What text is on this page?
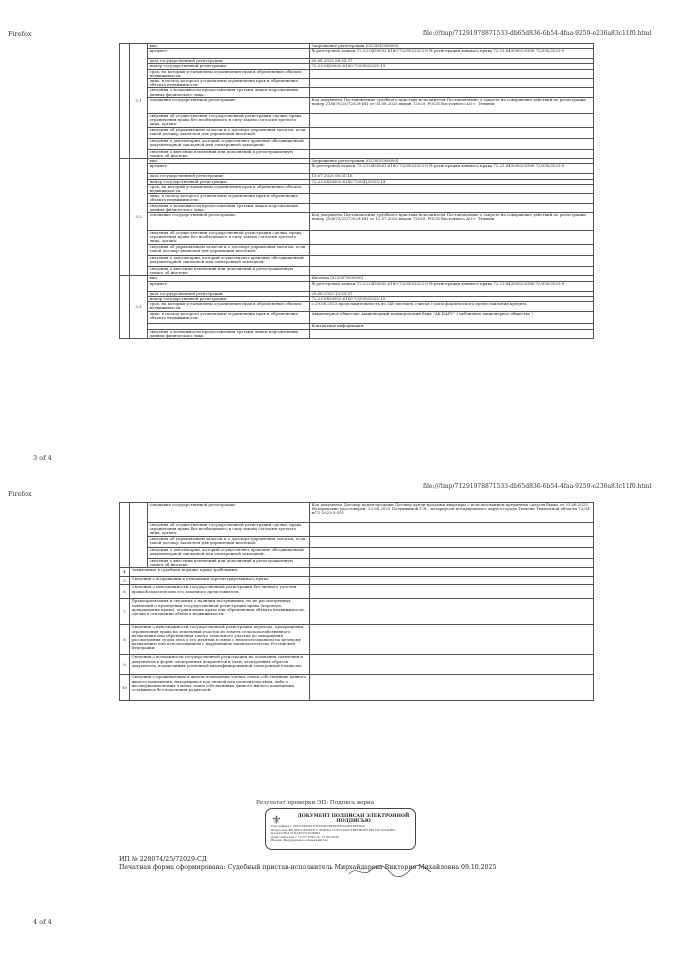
Firefox	file:///tmp/71291978871533-db65d836-6b54-4faa-9259-e236a83c11f0.html
	3.1	вид:	Запрещение регистрации (022001000000)
		предмет:	№ реестровой записи 72:23:0430002:6180-72/050/2023-9 № регистрации вещного права 72:23:0430002:6180-72/050/2023-9
		дата государственной регистрации:	05.08.2025 08:35:37
		номер государственной регистрации:	72:23:0430002:6180-72/050/2025-19
		срок, на который установлены ограничения прав и обременение объекта недвижимости:	
		лицо, в пользу которого установлены ограничения прав и обременение объекта недвижимости:	
		сведения о возможности предоставления третьим лицам персональных данных физического лица:	
		основание государственной регистрации:	Код документа Постановление судебного пристава-исполнителя Постановление о запрете на совершение действий по регистрации номер 215670/25/72029-ИП от 05.08.2025 выдан 72029, РОСП Восточного АО г. Тюмени
		сведения об осуществлении государственной регистрации сделки, права, ограничения права без необходимого в силу закона согласия третьего лица, органа:	
		сведения об управляющем залогом и о договоре управления залогом, если такой договор заключен для управления ипотекой:	
		сведения о депозитарии, который осуществляет хранение обездвиженной документарной закладной или электронной закладной:	
		сведения о внесении изменений или дополнений в регистрационную запись об ипотеке:	
	3.2	вид:	Запрещение регистрации (022001000000)
		предмет:	№ реестровой записи 72:23:0430002:6180-72/050/2023-9 № регистрации вещного права 72:23:0430002:6180-72/050/2023-9
		дата государственной регистрации:	15.07.2025 06:31:16
		номер государственной регистрации:	72:23:0430002:6180-72/041/2025-14
		срок, на который установлены ограничения прав и обременение объекта недвижимости:	
		лицо, в пользу которого установлены ограничения прав и обременение объекта недвижимости:	
		сведения о возможности предоставления третьим лицам персональных данных физического лица:	
		основание государственной регистрации:	Код документа Постановление судебного пристава-исполнителя Постановление о запрете на совершение действий по регистрации номер 200673/25/72029-ИП от 12.07.2025 выдан 72029, РОСП Восточного АО г. Тюмени
		сведения об осуществлении государственной регистрации сделки, права, ограничения права без необходимого в силу закона согласия третьего лица, органа:	
		сведения об управляющем залогом и о договоре управления залогом, если такой договор заключен для управления ипотекой:	
		сведения о депозитарии, который осуществляет хранение обездвиженной документарной закладной или электронной закладной:	
		сведения о внесении изменений или дополнений в регистрационную запись об ипотеке:	
	3.3	вид:	Ипотека (022007000000)
		предмет:	№ реестровой записи 72:23:0430002:6180-72/050/2023-9 № регистрации вещного права 72:23:0430002:6180-72/050/2023-9
		дата государственной регистрации:	29.06.2023 13:59:57
		номер государственной регистрации:	72:23:0430002:6180-72/050/2023-10
		срок, на который установлены ограничения прав и обременение объекта недвижимости:	с 29.06.2023 продолжительность по 240 месяцев, считая с даты фактического предоставления кредита
		лицо, в пользу которого установлены ограничения прав и обременение объекта недвижимости:	Акционерное общество Акционерный коммерческий банк "АК БАРС" ( публичное акционерное общество )
			Контактная информация:
		сведения о возможности предоставления третьим лицам персональных данных физического лица	
3 of 4
Firefox
file:///tmp/71291978871533-db65d836-6b54-4faa-9259-e236a83c11f0.html
		основание государственной регистрации:	Код документа Договор купли-продажи Договор купли-продажи квартиры с использованием кредитных средств банка от 23.06.2023. Нотариально удостоверен: 23.06.2023 Полушкиной Т.Н., нотариусом нотариального округа города Тюмени Тюменской области 72/34-н/72-2023-3-551
		сведения об осуществлении государственной регистрации сделки, права, ограничения права без необходимого в силу закона согласия третьего лица, органа:	
		сведения об управляющем залогом и о договоре управления залогом, если такой договор заключен для управления ипотекой:	
		сведения о депозитарии, который осуществляет хранение обездвиженной документарной закладной или электронной закладной:	
		сведения о внесении изменений или дополнений в регистрационную запись об ипотеке:	
4	Заявленные в судебном порядке права требования:		
5	Сведения о возражении в отношении зарегистрированного права:		
6	Сведения о невозможности государственной регистрации без личного участия правообладателя или его законного представителя:		
7	Правопритязания и сведения о наличии поступивших, но не рассмотренных заявлений о проведении государственной регистрации права (перехода, прекращения права), ограничения права или обременения объекта недвижимости, сделки в отношении объекта недвижимости:		
8	Сведения о невозможности государственной регистрации перехода, прекращения, ограничения права на земельный участок из земель сельскохозяйственного назначения или обременения такого земельного участка до завершения рассмотрения судом дела о его изъятии в связи с неиспользованием по целевому назначению или использованием с нарушением законодательства Российской Федерации:		
9	Сведения о возможности государственной регистрации на основании заявления и документов в форме электронных документов и (или) электронных образов документов, подписанных усиленной квалифицированной электронной подписью:		
10	Сведения о проживающих в жилом помещении членах семьи собственника данного жилого помещения, находящихся под опекой или попечительством, либо о несовершеннолетних членах семьи собственника данного жилого помещения, оставшихся без попечения родителей:		
Результат проверки ЭП: Подпись верна
⚜	ДОКУМЕНТ ПОДПИСАН ЭЛЕКТРОННОЙ ПОДПИСЬЮ
Сертификат: 00CC8E6D27F65E9E7BF0DFE3A9B1E0F8AA
Владелец: ФЕДЕРАЛЬНАЯ СЛУЖБА ГОСУДАРСТВЕННОЙ РЕГИСТРАЦИИ, КАДАСТРА И КАРТОГРАФИИ
Действителен с 12.07.2025 по 15.09.2026
Выдан: Федеральное казначейство
ИП № 228074/25/72029-СД
Печатная форма сформирована: Судебный пристав-исполнитель Мирхайдарова Виктория Михайловна 09.10.2025
4 of 4
